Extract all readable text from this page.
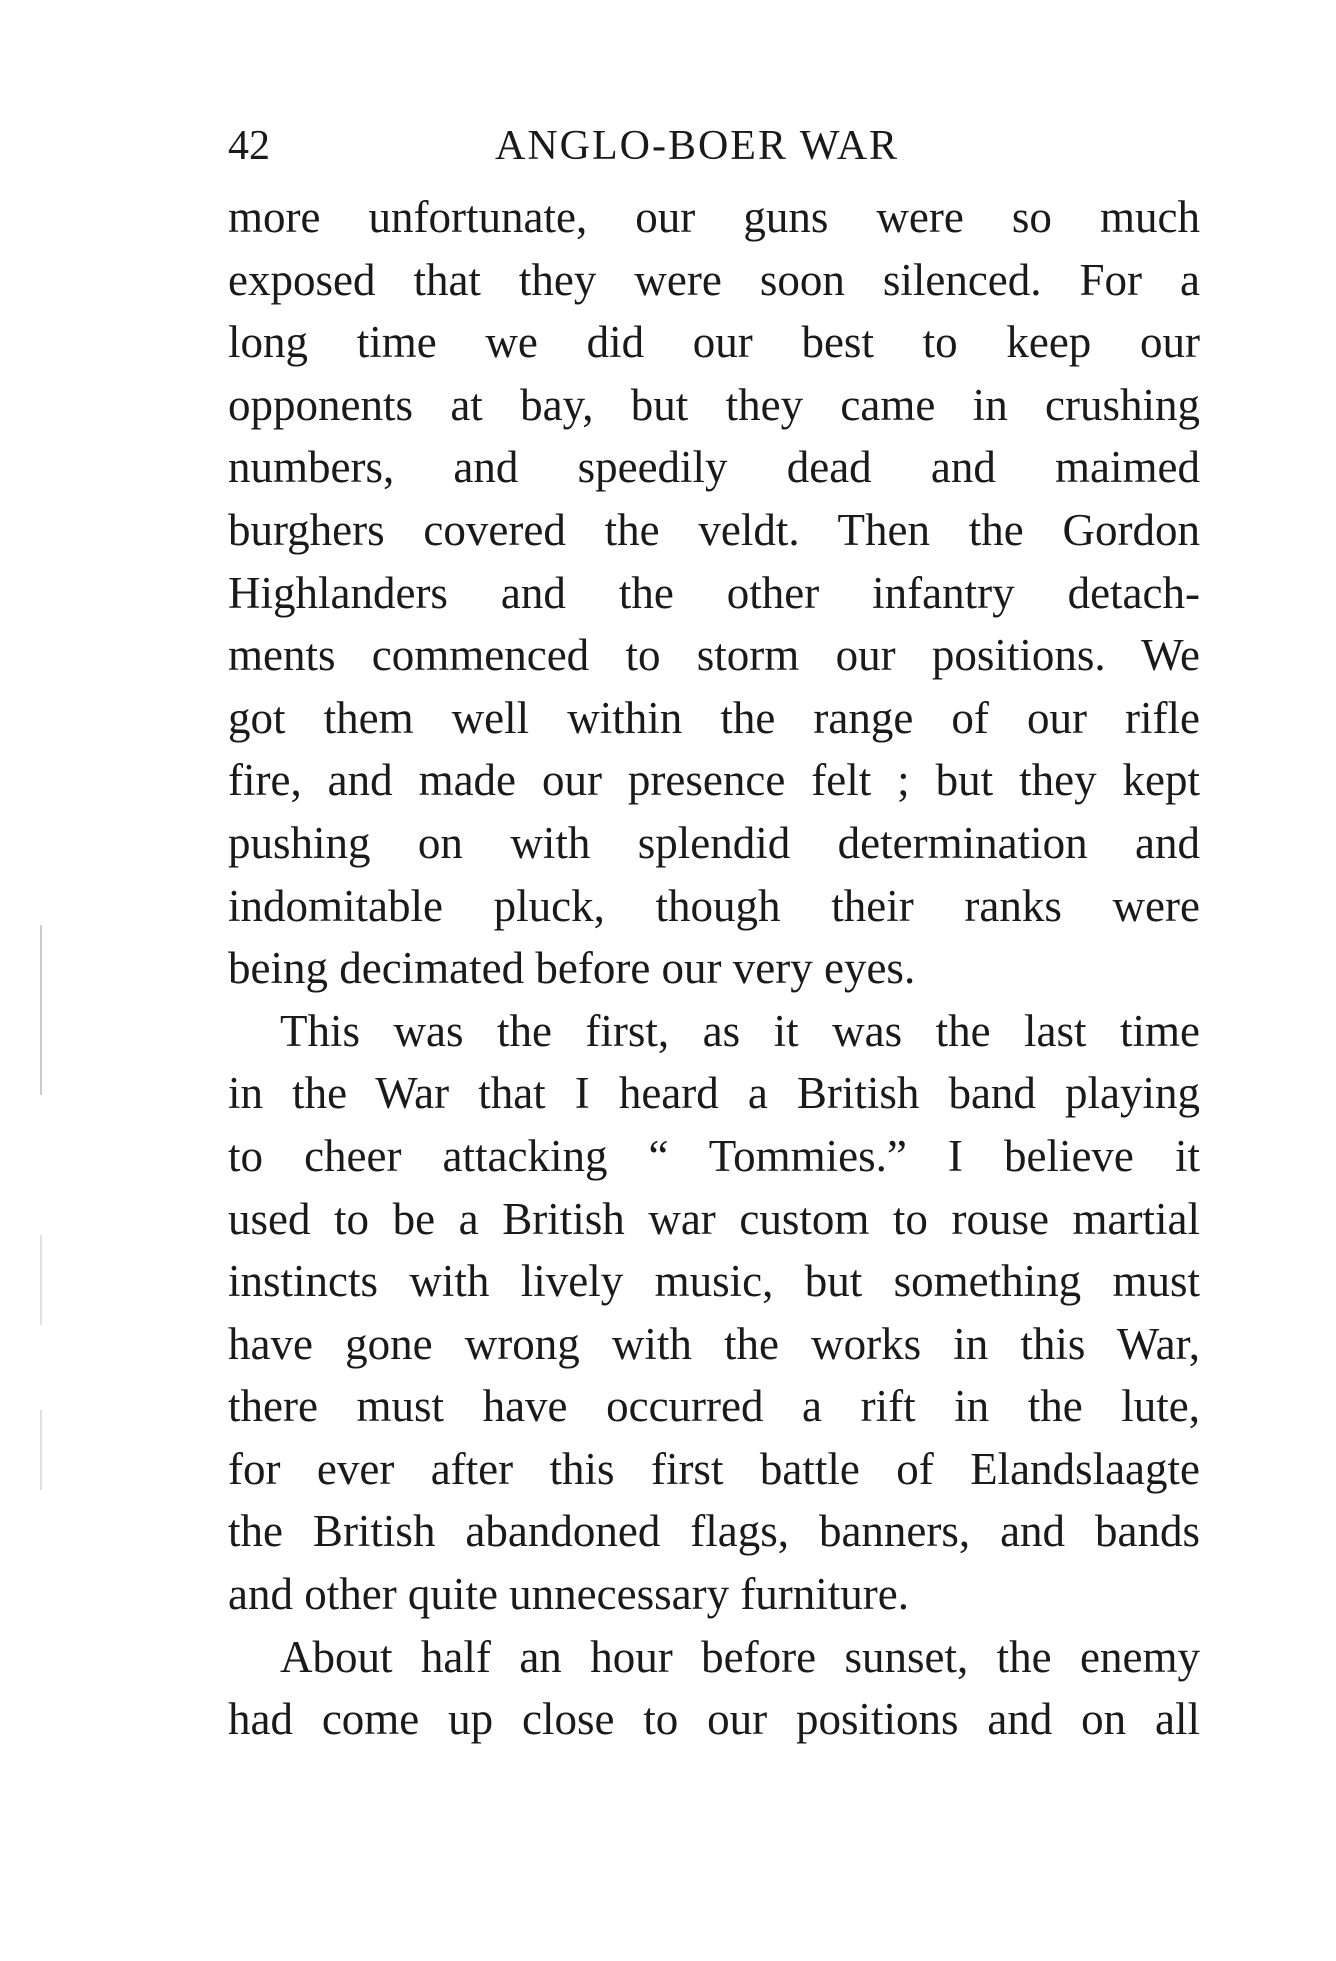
42	ANGLO-BOER WAR
more unfortunate, our guns were so much
exposed that they were soon silenced. For a
long time we did our best to keep our
opponents at bay, but they came in crushing
numbers, and speedily dead and maimed
burghers covered the veldt. Then the Gordon
Highlanders and the other infantry detach-
ments commenced to storm our positions. We
got them well within the range of our rifle
fire, and made our presence felt ; but they kept
pushing on with splendid determination and
indomitable pluck, though their ranks were
being decimated before our very eyes.
This was the first, as it was the last time
in the War that I heard a British band playing
to cheer attacking “ Tommies.” I believe it
used to be a British war custom to rouse martial
instincts with lively music, but something must
have gone wrong with the works in this War,
there must have occurred a rift in the lute,
for ever after this first battle of Elandslaagte
the British abandoned flags, banners, and bands
and other quite unnecessary furniture.
About half an hour before sunset, the enemy
had come up close to our positions and on all
